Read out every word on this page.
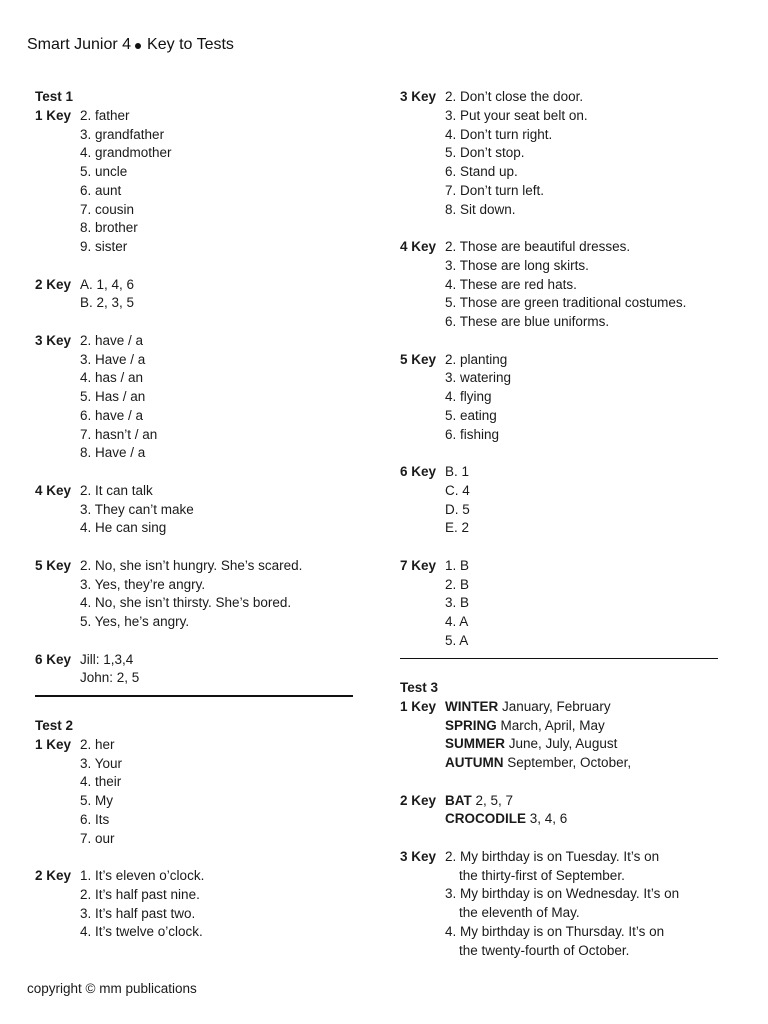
Smart Junior 4 Key to Tests
Test 1
1 Key 2. father
3. grandfather
4. grandmother
5. uncle
6. aunt
7. cousin
8. brother
9. sister
2 Key A. 1, 4, 6
B. 2, 3, 5
3 Key 2. have / a
3. Have / a
4. has / an
5. Has / an
6. have / a
7. hasn’t / an
8. Have / a
4 Key 2. It can talk
3. They can’t make
4. He can sing
5 Key 2. No, she isn’t hungry. She’s scared.
3. Yes, they’re angry.
4. No, she isn’t thirsty. She’s bored.
5. Yes, he’s angry.
6 Key Jill: 1,3,4
John: 2, 5
Test 2
1 Key 2. her
3. Your
4. their
5. My
6. Its
7. our
2 Key 1. It’s eleven o’clock.
2. It’s half past nine.
3. It’s half past two.
4. It’s twelve o’clock.
3 Key 2. Don’t close the door.
3. Put your seat belt on.
4. Don’t turn right.
5. Don’t stop.
6. Stand up.
7. Don’t turn left.
8. Sit down.
4 Key 2. Those are beautiful dresses.
3. Those are long skirts.
4. These are red hats.
5. Those are green traditional costumes.
6. These are blue uniforms.
5 Key 2. planting
3. watering
4. flying
5. eating
6. fishing
6 Key B. 1
C. 4
D. 5
E. 2
7 Key 1. B
2. B
3. B
4. A
5. A
Test 3
1 Key WINTER January, February
SPRING March, April, May
SUMMER June, July, August
AUTUMN September, October,
2 Key BAT 2, 5, 7
CROCODILE 3, 4, 6
3 Key 2. My birthday is on Tuesday. It’s on
the thirty-first of September.
3. My birthday is on Wednesday. It’s on
the eleventh of May.
4. My birthday is on Thursday. It’s on
the twenty-fourth of October.
copyright © mm publications
